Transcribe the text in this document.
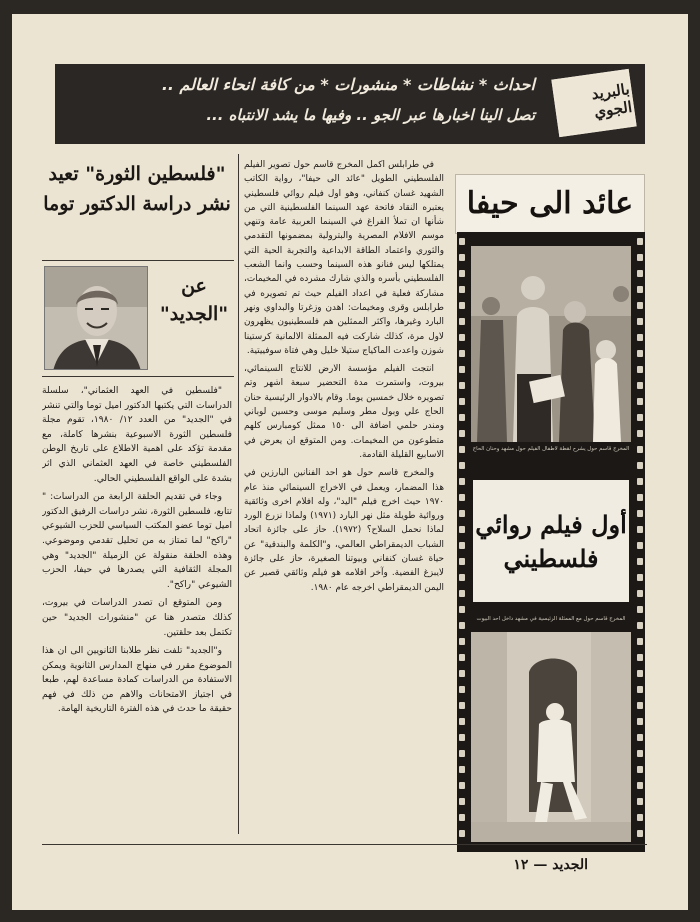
بالبريد الجوي
احداث * نشاطات * منشورات * من كافة انحاء العالم ..
تصل الينا اخبارها عبر الجو .. وفيها ما يشد الانتباه ...
"فلسطين الثورة" تعيد نشر دراسة الدكتور توما
عن "الجديد"

"فلسطين في العهد العثماني"، سلسلة الدراسات التي يكتبها الدكتور اميل توما والتي تنشر في "الجديد" من العدد ١٢/ ١٩٨٠، تقوم مجلة فلسطين الثورة الاسبوعية بنشرها كاملة، مع مقدمة تؤكد على اهمية الاطلاع على تاريخ الوطن الفلسطيني خاصة في العهد العثماني الذي اثر بشدة على الواقع الفلسطيني الحالي.

وجاء في تقديم الحلقة الرابعة من الدراسات: " تتابع، فلسطين الثورة، نشر دراسات الرفيق الدكتور اميل توما عضو المكتب السياسي للحزب الشيوعي "راكح" لما تمتاز به من تحليل تقدمي وموضوعي. وهذه الحلقة منقولة عن الزميلة "الجديد" وهي المجلة الثقافية التي يصدرها في حيفا، الحزب الشيوعي "راكح".

ومن المتوقع ان تصدر الدراسات في بيروت، كذلك متصدر هنا عن "منشورات الجديد" حين تكتمل بعد حلقتين.

و"الجديد" تلفت نظر طلابنا الثانويين الى ان هذا الموضوع مقرر في منهاج المدارس الثانوية ويمكن الاستفادة من الدراسات كمادة مساعدة لهم، طبعا في اجتياز الامتحانات والاهم من ذلك في فهم حقيقة ما حدث في هذه الفترة التاريخية الهامة.

في طرابلس اكمل المخرج قاسم حول تصوير الفيلم الفلسطيني الطويل "عائد الى حيفا"، رواية الكاتب الشهيد غسان كنفاني، وهو اول فيلم روائي فلسطيني يعتبره النقاد فاتحة عهد السينما الفلسطينية التي من شأنها ان تملأ الفراغ في السينما العربية عامة وتنهي موسم الافلام المصرية والبترولية بمضمونها التقدمي والثوري واعتماد الطاقة الابداعية والتجربة الحية التي يمتلكها ليس فنانو هذه السينما وحسب وانما الشعب الفلسطيني بأسره والذي شارك مشرده في المخيمات، مشاركة فعلية في اعداد الفيلم حيث تم تصويره في طرابلس وقرى ومخيمات: اهدن وزغرتا والبداوي ونهر البارد وغيرها، واكثر الممثلين هم فلسطينيون يظهرون لاول مرة، كذلك شاركت فيه الممثلة الالمانية كرستينا شوزن واعدت الماكياج ستيلا خليل وهي فتاة سوفييتية.

انتجت الفيلم مؤسسة الارض للانتاج السينمائي، بيروت، واستمرت مدة التحضير سبعة اشهر وتم تصويره خلال خمسين يوما. وقام بالادوار الرئيسية حنان الحاج علي وبول مطر وسليم موسى وحسين لوباني ومندر حلمي اضافة الى ١٥٠ ممثل كومبارس كلهم متطوعون من المخيمات. ومن المتوقع ان يعرض في الاسابيع القليلة القادمة.

والمخرج قاسم حول هو احد الفنانين البارزين في هذا المضمار، ويعمل في الاخراج السينمائي منذ عام ١٩٧٠ حيث اخرج فيلم "اليد"، وله افلام اخرى وثائقية وروائية طويلة مثل نهر البارد (١٩٧١) ولماذا نزرع الورد لماذا نحمل السلاح؟ (١٩٧٢). حاز على جائزة اتحاد الشباب الديمقراطي العالمي، و"الكلمة والبندقية" عن حياة غسان كنفاني وبيوتنا الصغيرة، حاز على جائزة لايبزغ الفضية. وآخر افلامه هو فيلم وثائقي قصير عن اليمن الديمقراطي اخرجه عام ١٩٨٠.

عائد الى حيفا
المخرج قاسم حول يشرح لقطة لاطفال الفيلم حول مشهد وحنان الحاج
أول فيلم روائي فلسطيني
المخرج قاسم حول مع الممثلة الرئيسية في مشهد داخل احد البيوت
الجديد — ١٢
